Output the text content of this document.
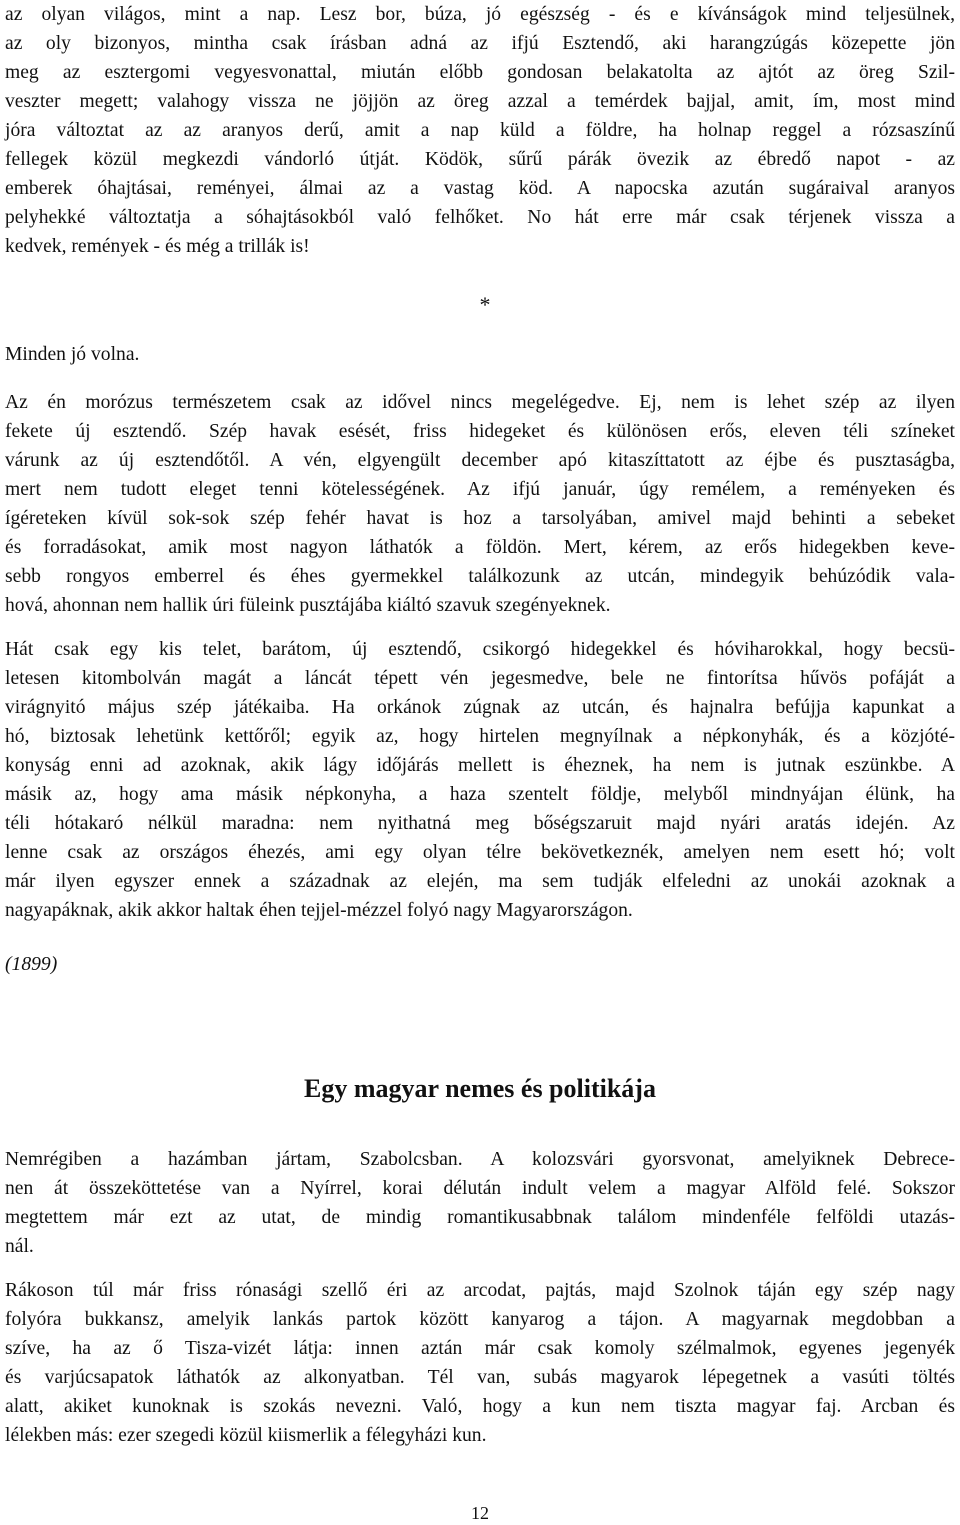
az olyan világos, mint a nap. Lesz bor, búza, jó egészség - és e kívánságok mind teljesülnek,
az oly bizonyos, mintha csak írásban adná az ifjú Esztendő, aki harangzúgás közepette jön
meg az esztergomi vegyesvonattal, miután előbb gondosan belakatolta az ajtót az öreg Szil-
veszter megett; valahogy vissza ne jöjjön az öreg azzal a temérdek bajjal, amit, ím, most mind
jóra változtat az az aranyos derű, amit a nap küld a földre, ha holnap reggel a rózsaszínű
fellegek közül megkezdi vándorló útját. Ködök, sűrű párák övezik az ébredő napot - az
emberek óhajtásai, reményei, álmai az a vastag köd. A napocska azután sugáraival aranyos
pelyhekké változtatja a sóhajtásokból való felhőket. No hát erre már csak térjenek vissza a
kedvek, remények - és még a trillák is!
*
Minden jó volna.
Az én morózus természetem csak az idővel nincs megelégedve. Ej, nem is lehet szép az ilyen
fekete új esztendő. Szép havak esését, friss hidegeket és különösen erős, eleven téli színeket
várunk az új esztendőtől. A vén, elgyengült december apó kitaszíttatott az éjbe és pusztaságba,
mert nem tudott eleget tenni kötelességének. Az ifjú január, úgy remélem, a reményeken és
ígéreteken kívül sok-sok szép fehér havat is hoz a tarsolyában, amivel majd behinti a sebeket
és forradásokat, amik most nagyon láthatók a földön. Mert, kérem, az erős hidegekben keve-
sebb rongyos emberrel és éhes gyermekkel találkozunk az utcán, mindegyik behúzódik vala-
hová, ahonnan nem hallik úri füleink pusztájába kiáltó szavuk szegényeknek.
Hát csak egy kis telet, barátom, új esztendő, csikorgó hidegekkel és hóviharokkal, hogy becsü-
letesen kitombolván magát a láncát tépett vén jegesmedve, bele ne fintorítsa hűvös pofáját a
virágnyitó május szép játékaiba. Ha orkánok zúgnak az utcán, és hajnalra befújja kapunkat a
hó, biztosak lehetünk kettőről; egyik az, hogy hirtelen megnyílnak a népkonyhák, és a közjóté-
konyság enni ad azoknak, akik lágy időjárás mellett is éheznek, ha nem is jutnak eszünkbe. A
másik az, hogy ama másik népkonyha, a haza szentelt földje, melyből mindnyájan élünk, ha
téli hótakaró nélkül maradna: nem nyithatná meg bőségszaruit majd nyári aratás idején. Az
lenne csak az országos éhezés, ami egy olyan télre bekövetkeznék, amelyen nem esett hó; volt
már ilyen egyszer ennek a századnak az elején, ma sem tudják elfeledni az unokái azoknak a
nagyapáknak, akik akkor haltak éhen tejjel-mézzel folyó nagy Magyarországon.
(1899)
Egy magyar nemes és politikája
Nemrégiben a hazámban jártam, Szabolcsban. A kolozsvári gyorsvonat, amelyiknek Debrece-
nen át összeköttetése van a Nyírrel, korai délután indult velem a magyar Alföld felé. Sokszor
megtettem már ezt az utat, de mindig romantikusabbnak találom mindenféle felföldi utazás-
nál.
Rákoson túl már friss rónasági szellő éri az arcodat, pajtás, majd Szolnok táján egy szép nagy
folyóra bukkansz, amelyik lankás partok között kanyarog a tájon. A magyarnak megdobban a
szíve, ha az ő Tisza-vizét látja: innen aztán már csak komoly szélmalmok, egyenes jegenyék
és varjúcsapatok láthatók az alkonyatban. Tél van, subás magyarok lépegetnek a vasúti töltés
alatt, akiket kunoknak is szokás nevezni. Való, hogy a kun nem tiszta magyar faj. Arcban és
lélekben más: ezer szegedi közül kiismerlik a félegyházi kun.
12
